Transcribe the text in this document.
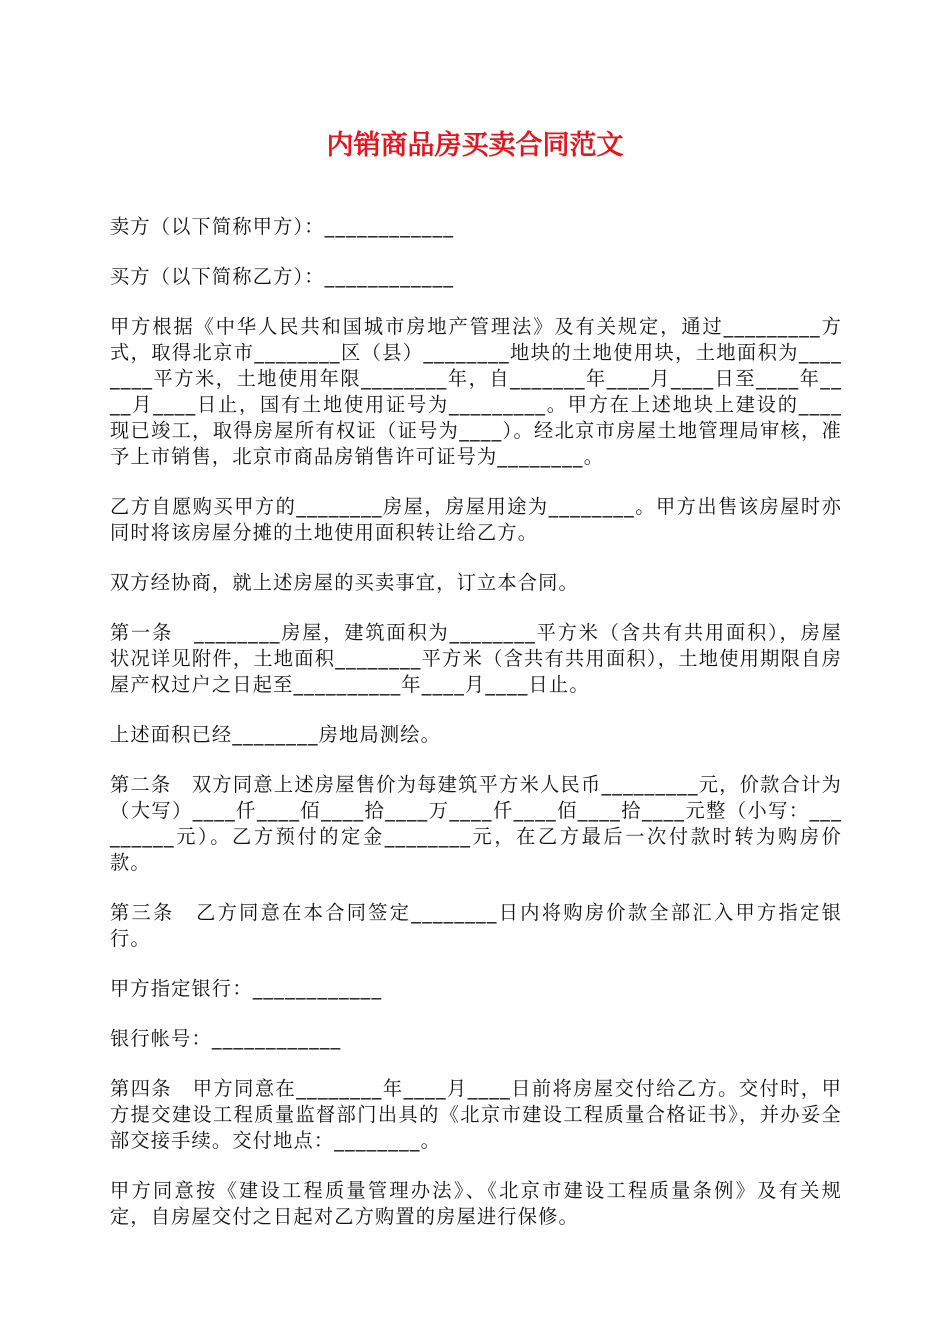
内销商品房买卖合同范文

卖方（以下简称甲方）：____________

买方（以下简称乙方）：____________

甲方根据《中华人民共和国城市房地产管理法》及有关规定，通过_________方式，取得北京市________区（县）________地块的土地使用块，土地面积为________平方米，土地使用年限________年，自_______年____月____日至____年____月____日止，国有土地使用证号为_________。甲方在上述地块上建设的____现已竣工，取得房屋所有权证（证号为____）。经北京市房屋土地管理局审核，准予上市销售，北京市商品房销售许可证号为________。

乙方自愿购买甲方的________房屋，房屋用途为________。甲方出售该房屋时亦同时将该房屋分摊的土地使用面积转让给乙方。

双方经协商，就上述房屋的买卖事宜，订立本合同。

第一条　________房屋，建筑面积为________平方米（含共有共用面积），房屋状况详见附件，土地面积________平方米（含共有共用面积），土地使用期限自房屋产权过户之日起至__________年____月____日止。

上述面积已经________房地局测绘。

第二条　双方同意上述房屋售价为每建筑平方米人民币_________元，价款合计为（大写）____仟____佰____拾____万____仟____佰____拾____元整（小写：_________元）。乙方预付的定金________元，在乙方最后一次付款时转为购房价款。

第三条　乙方同意在本合同签定________日内将购房价款全部汇入甲方指定银行。

甲方指定银行：____________

银行帐号：____________

第四条　甲方同意在________年____月____日前将房屋交付给乙方。交付时，甲方提交建设工程质量监督部门出具的《北京市建设工程质量合格证书》，并办妥全部交接手续。交付地点：________。

甲方同意按《建设工程质量管理办法》、《北京市建设工程质量条例》及有关规定，自房屋交付之日起对乙方购置的房屋进行保修。
